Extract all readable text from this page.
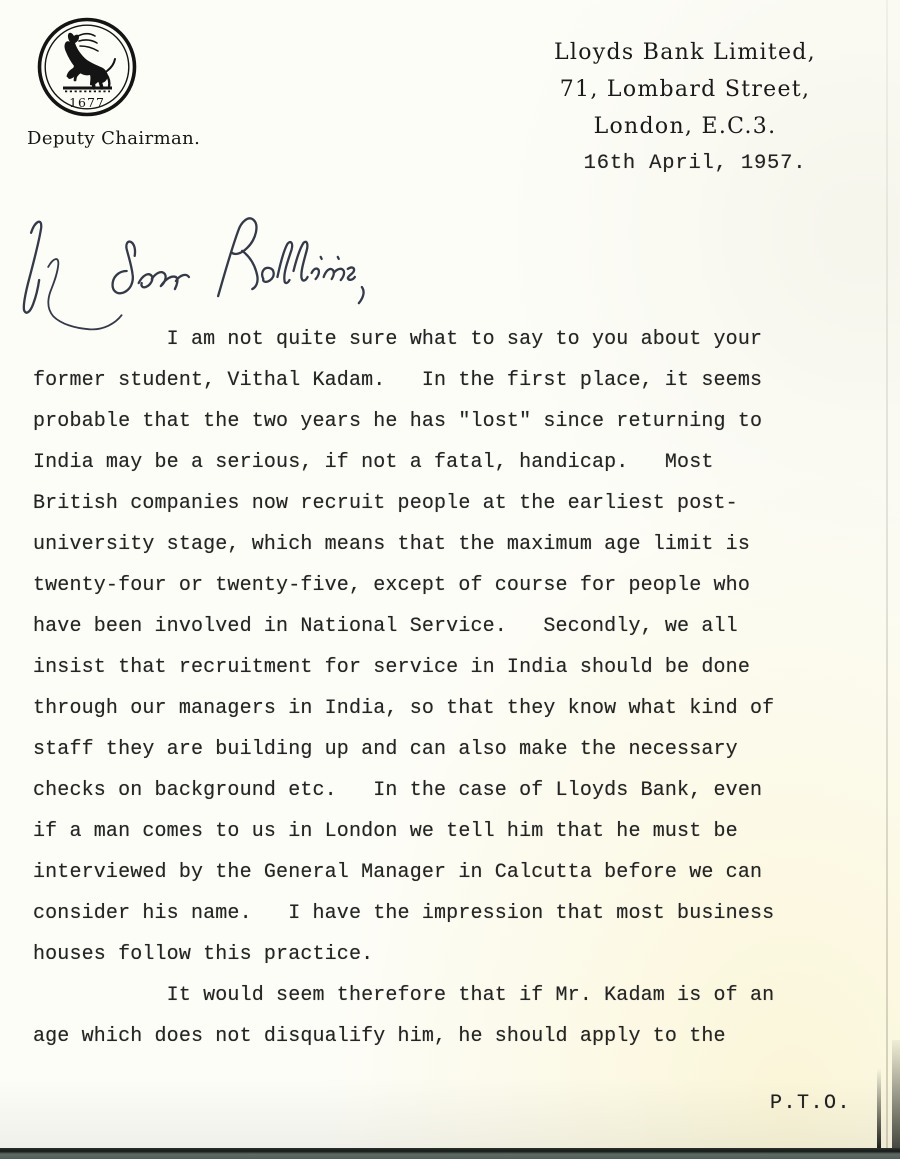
1677
Deputy Chairman.
Lloyds Bank Limited,
71, Lombard Street,
London, E.C.3.
16th April, 1957.
I am not quite sure what to say to you about your
former student, Vithal Kadam.   In the first place, it seems
probable that the two years he has "lost" since returning to
India may be a serious, if not a fatal, handicap.   Most
British companies now recruit people at the earliest post-
university stage, which means that the maximum age limit is
twenty-four or twenty-five, except of course for people who
have been involved in National Service.   Secondly, we all
insist that recruitment for service in India should be done
through our managers in India, so that they know what kind of
staff they are building up and can also make the necessary
checks on background etc.   In the case of Lloyds Bank, even
if a man comes to us in London we tell him that he must be
interviewed by the General Manager in Calcutta before we can
consider his name.   I have the impression that most business
houses follow this practice.
It would seem therefore that if Mr. Kadam is of an
age which does not disqualify him, he should apply to the
P.T.O.
